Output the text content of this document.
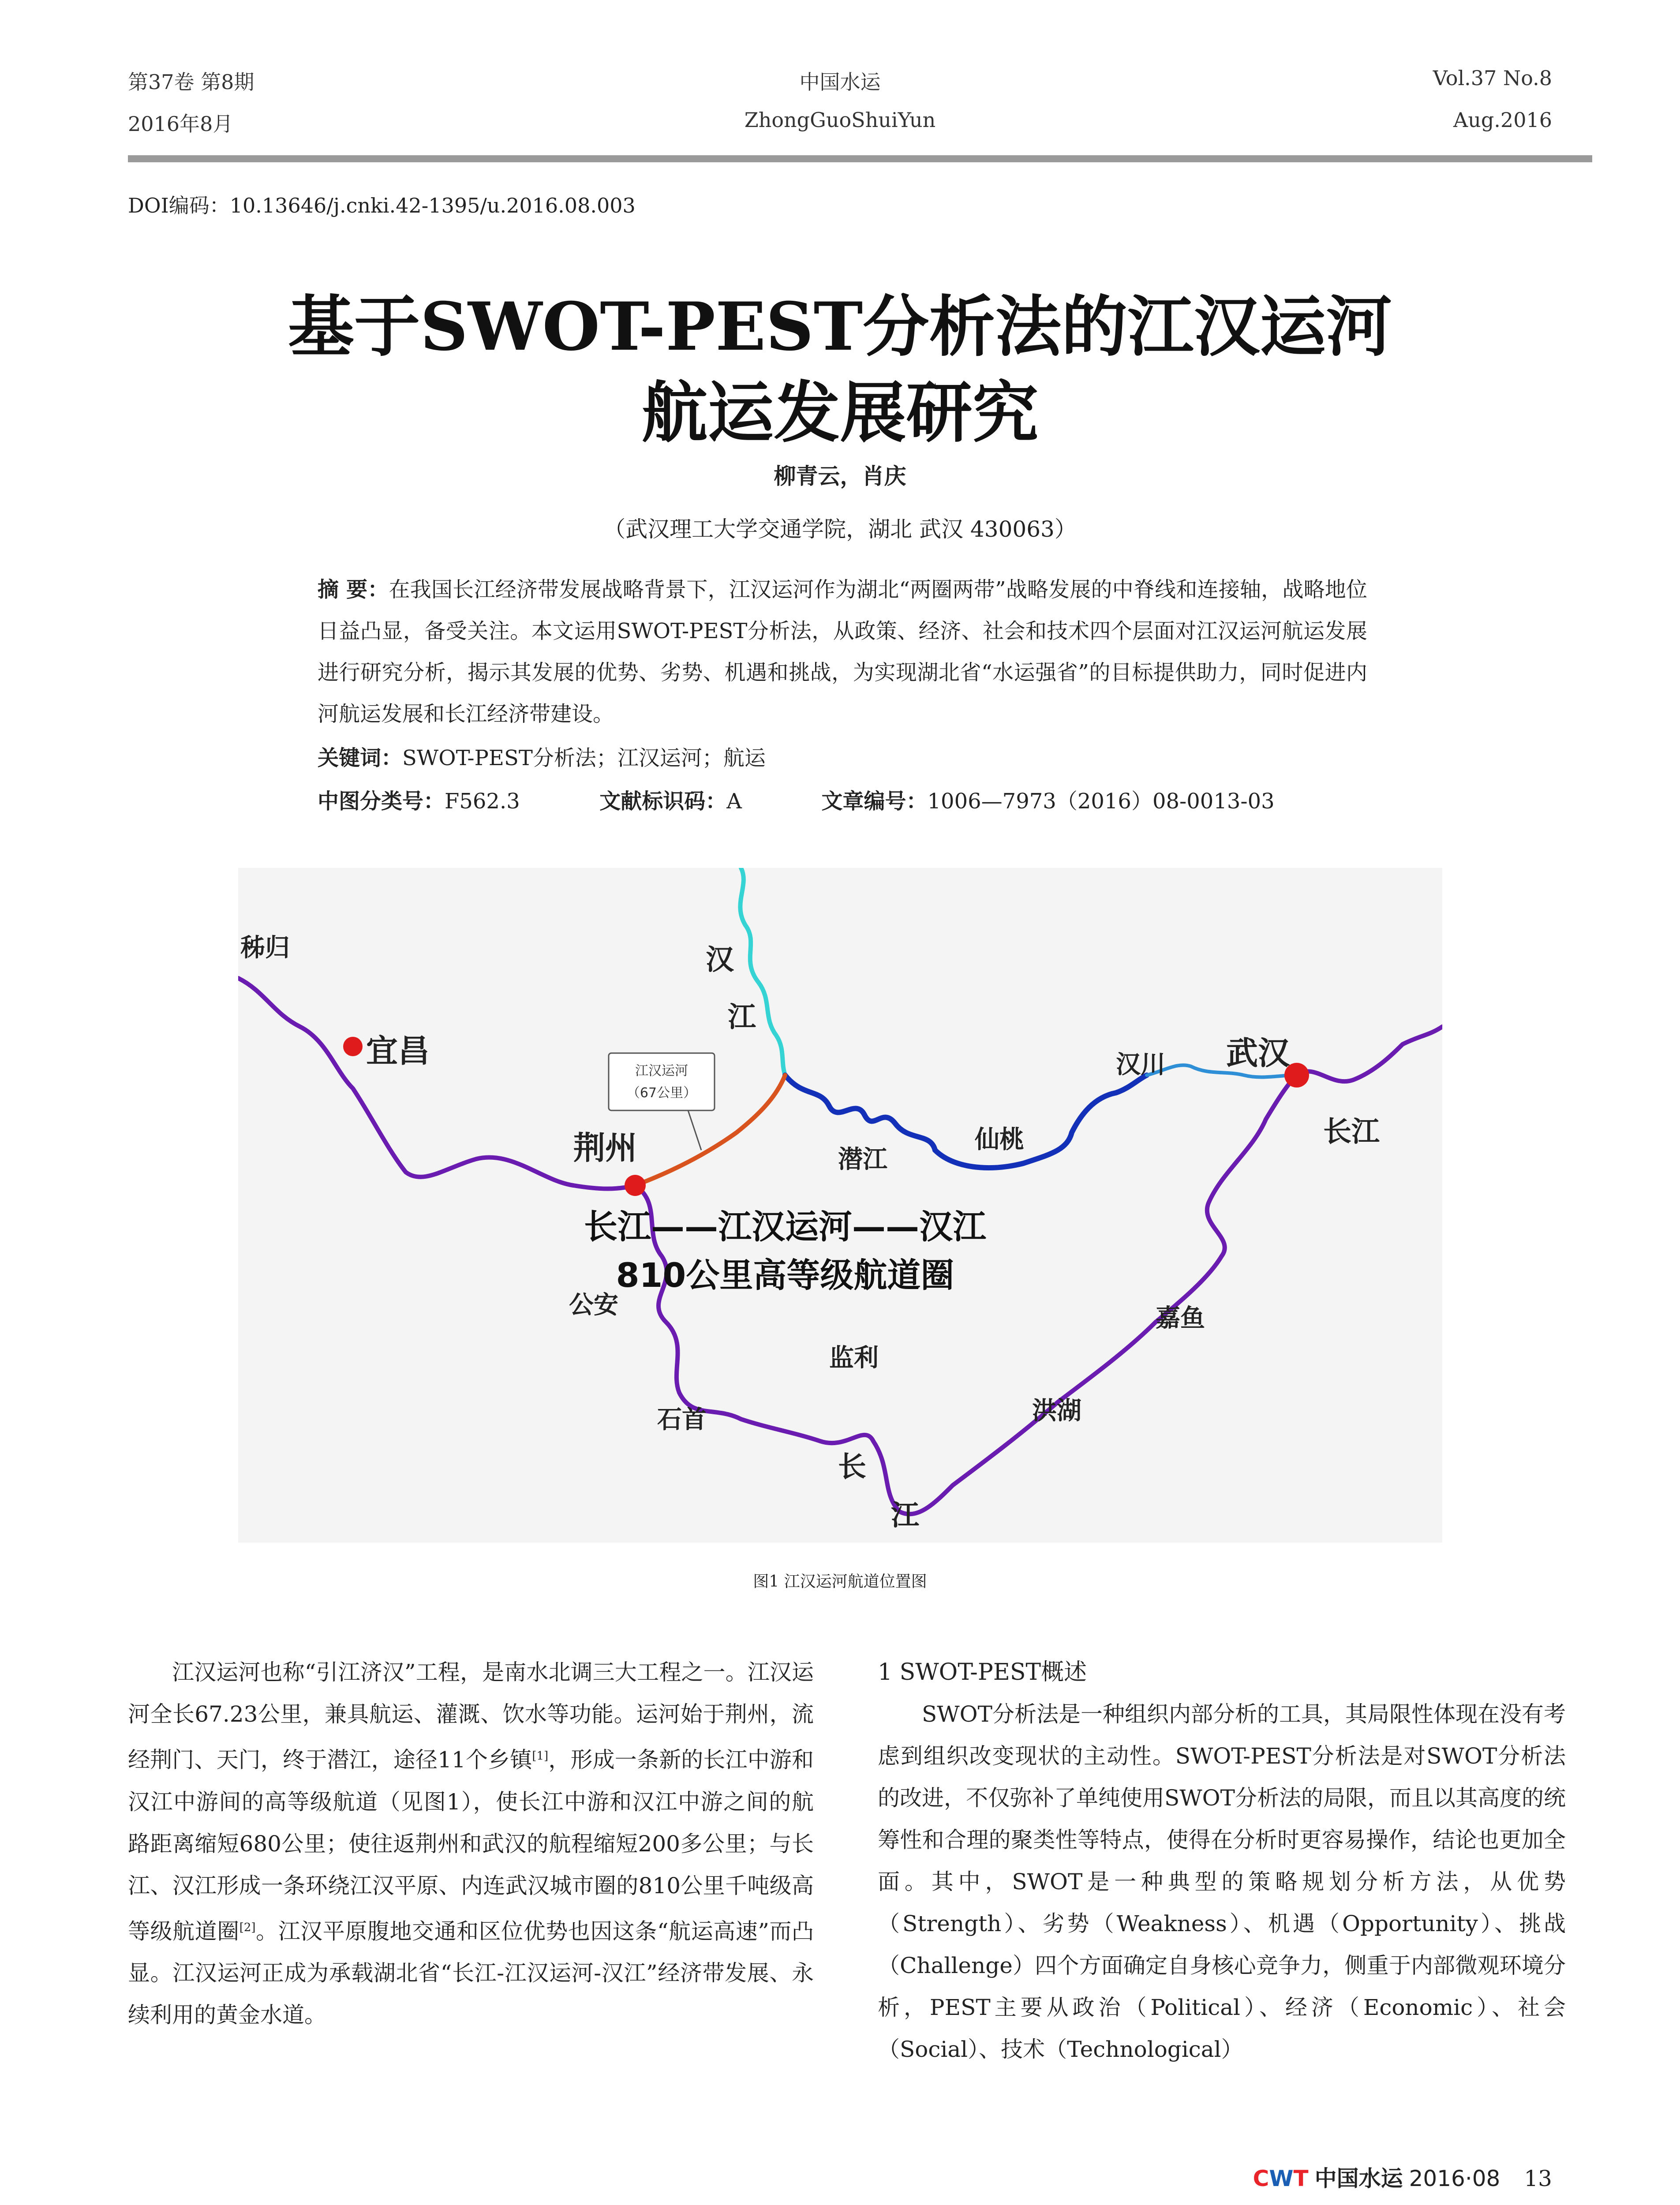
第37卷 第8期
2016年8月
中国水运
ZhongGuoShuiYun
Vol.37 No.8
Aug.2016
DOI编码：10.13646/j.cnki.42-1395/u.2016.08.003
基于SWOT-PEST分析法的江汉运河
航运发展研究
柳青云，肖庆
（武汉理工大学交通学院，湖北 武汉 430063）
摘 要：在我国长江经济带发展战略背景下，江汉运河作为湖北“两圈两带”战略发展的中脊线和连接轴，战略地位日益凸显，备受关注。本文运用SWOT-PEST分析法，从政策、经济、社会和技术四个层面对江汉运河航运发展进行研究分析，揭示其发展的优势、劣势、机遇和挑战，为实现湖北省“水运强省”的目标提供助力，同时促进内河航运发展和长江经济带建设。
关键词：SWOT-PEST分析法；江汉运河；航运
中图分类号：F562.3	文献标识码：A	文章编号：1006—7973（2016）08-0013-03
江汉运河
（67公里）
秭归
宜昌
汉
江
荆州	潜江
仙桃
汉川 武汉
长江
长江——江汉运河——汉江
810公里高等级航道圈
公安
监利
石首
嘉鱼
洪湖
长
江
图1 江汉运河航道位置图

江汉运河也称“引江济汉”工程，是南水北调三大工程之一。江汉运河全长67.23公里，兼具航运、灌溉、饮水等功能。运河始于荆州，流经荆门、天门，终于潜江，途径11个乡镇[1]，形成一条新的长江中游和汉江中游间的高等级航道（见图1），使长江中游和汉江中游之间的航路距离缩短680公里；使往返荆州和武汉的航程缩短200多公里；与长江、汉江形成一条环绕江汉平原、内连武汉城市圈的810公里千吨级高等级航道圈[2]。江汉平原腹地交通和区位优势也因这条“航运高速”而凸显。江汉运河正成为承载湖北省“长江-江汉运河-汉江”经济带发展、永续利用的黄金水道。

1 SWOT-PEST概述

SWOT分析法是一种组织内部分析的工具，其局限性体现在没有考虑到组织改变现状的主动性。SWOT-PEST分析法是对SWOT分析法的改进，不仅弥补了单纯使用SWOT分析法的局限，而且以其高度的统筹性和合理的聚类性等特点，使得在分析时更容易操作，结论也更加全面。其中，SWOT是一种典型的策略规划分析方法，从优势（Strength）、劣势（Weakness）、机遇（Opportunity）、挑战（Challenge）四个方面确定自身核心竞争力，侧重于内部微观环境分析，PEST主要从政治（Political）、经济（Economic）、社会（Social）、技术（Technological）

CWT 中国水运 2016·08 13
